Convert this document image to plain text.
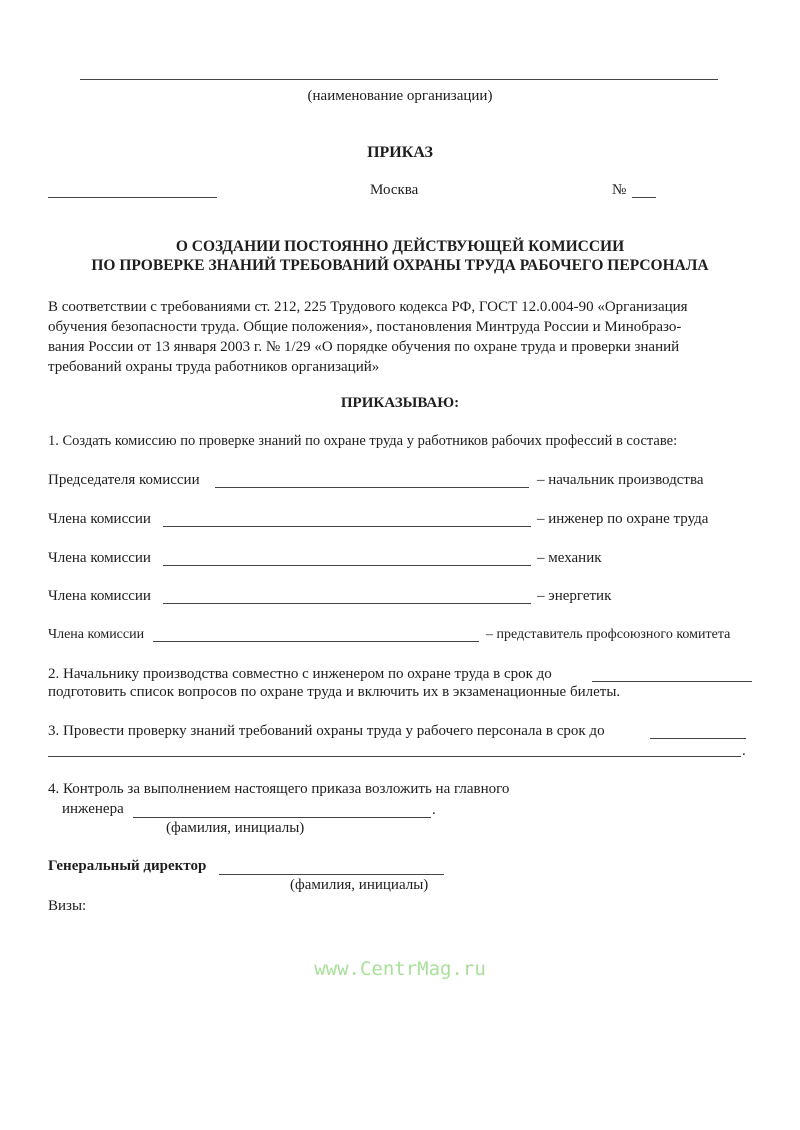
(наименование организации)
ПРИКАЗ
Москва	№
О СОЗДАНИИ ПОСТОЯННО ДЕЙСТВУЮЩЕЙ КОМИССИИ
ПО ПРОВЕРКЕ ЗНАНИЙ ТРЕБОВАНИЙ ОХРАНЫ ТРУДА РАБОЧЕГО ПЕРСОНАЛА
В соответствии с требованиями ст. 212, 225 Трудового кодекса РФ, ГОСТ 12.0.004-90 «Организация
обучения безопасности труда. Общие положения», постановления Минтруда России и Минобразо-
вания России от 13 января 2003 г. № 1/29 «О порядке обучения по охране труда и проверки знаний
требований охраны труда работников организаций»
ПРИКАЗЫВАЮ:
1. Создать комиссию по проверке знаний по охране труда у работников рабочих профессий в составе:
Председателя комиссии	– начальник производства
Члена комиссии	– инженер по охране труда
Члена комиссии	– механик
Члена комиссии	– энергетик
Члена комиссии	– представитель профсоюзного комитета
2. Начальнику производства совместно с инженером по охране труда в срок до
подготовить список вопросов по охране труда и включить их в экзаменационные билеты.
3. Провести проверку знаний требований охраны труда у рабочего персонала в срок до
.
4. Контроль за выполнением настоящего приказа возложить на главного
инженера	.
(фамилия, инициалы)
Генеральный директор
(фамилия, инициалы)
Визы:
www.CentrMag.ru
